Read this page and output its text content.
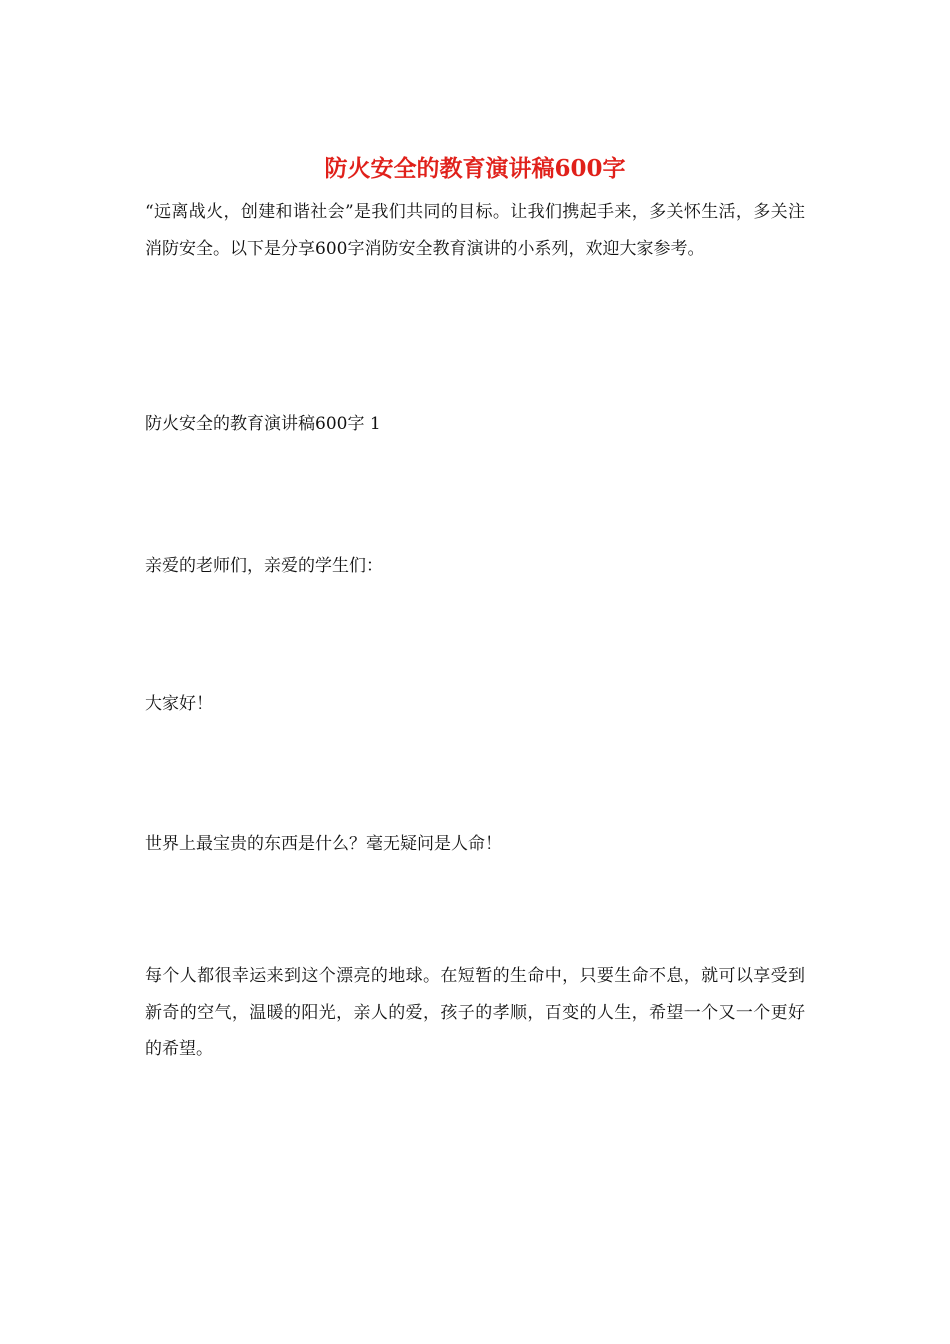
防火安全的教育演讲稿600字

“远离战火，创建和谐社会”是我们共同的目标。让我们携起手来，多关怀生活，多关注消防安全。以下是分享600字消防安全教育演讲的小系列，欢迎大家参考。

防火安全的教育演讲稿600字 1

亲爱的老师们，亲爱的学生们：

大家好！

世界上最宝贵的东西是什么？毫无疑问是人命！

每个人都很幸运来到这个漂亮的地球。在短暂的生命中，只要生命不息，就可以享受到新奇的空气，温暖的阳光，亲人的爱，孩子的孝顺，百变的人生，希望一个又一个更好的希望。
